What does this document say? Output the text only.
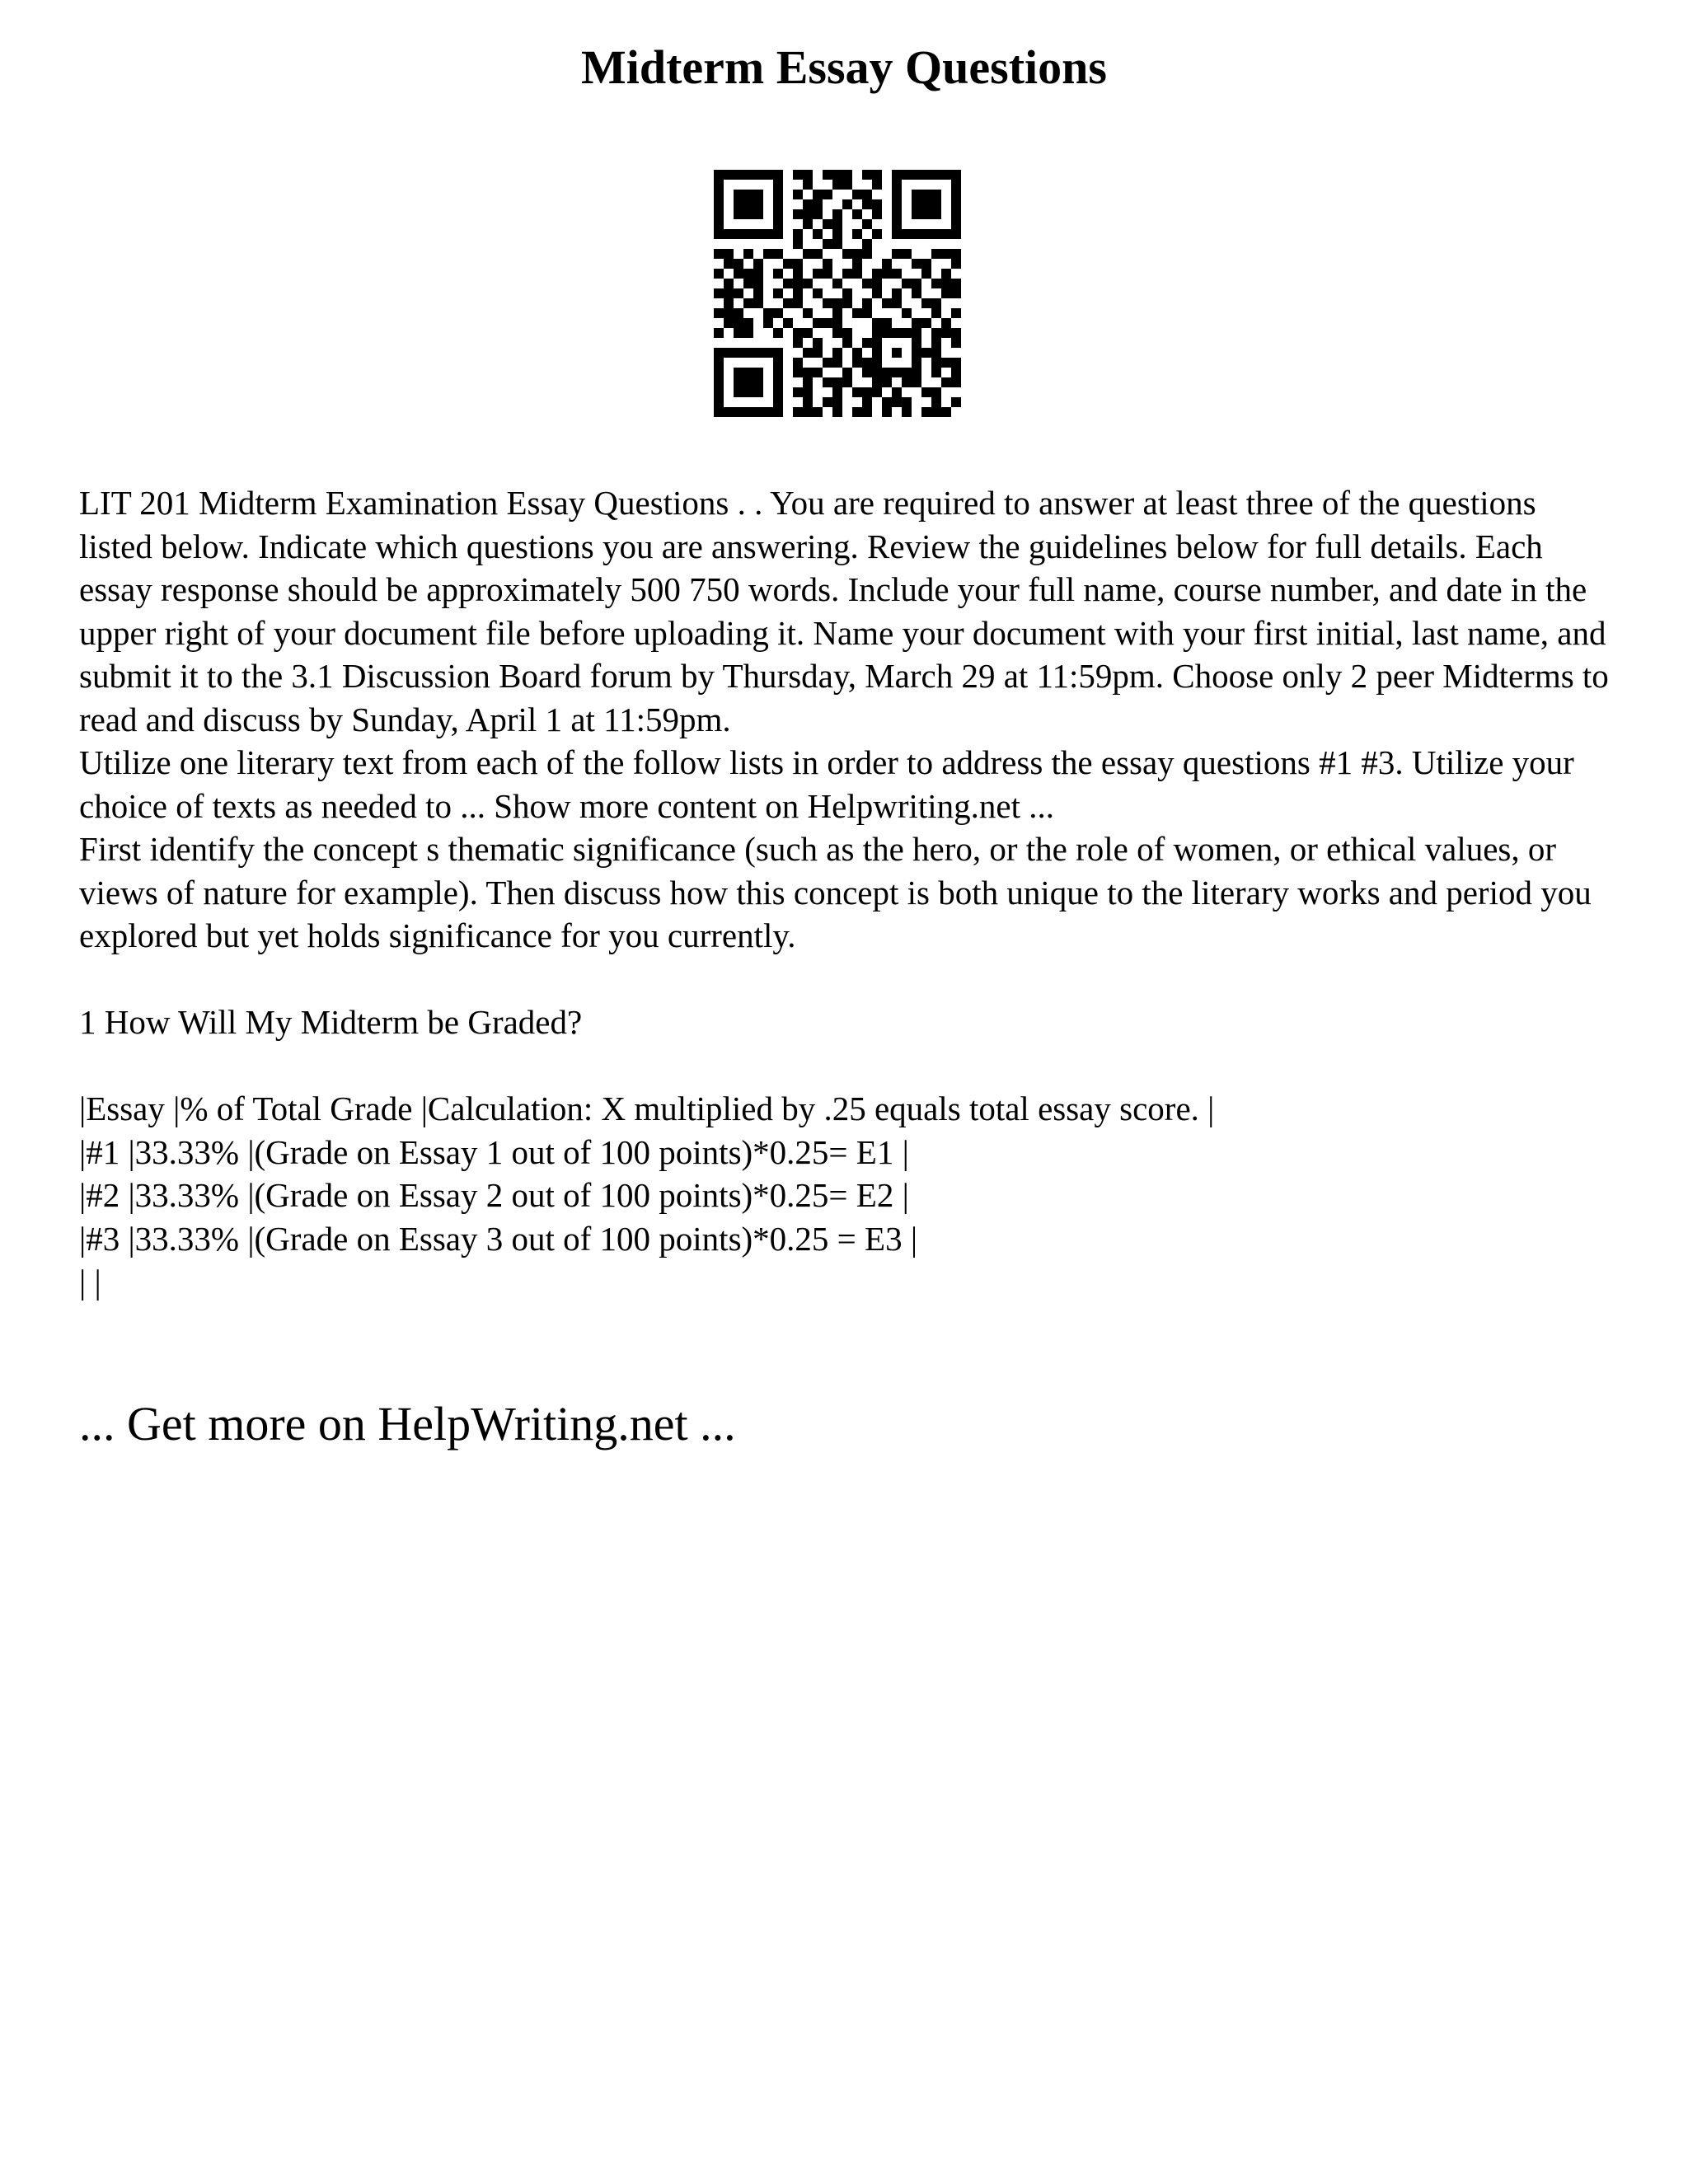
Midterm Essay Questions

LIT 201 Midterm Examination Essay Questions . . You are required to answer at least three of the questions listed below. Indicate which questions you are answering. Review the guidelines below for full details. Each essay response should be approximately 500 750 words. Include your full name, course number, and date in the upper right of your document file before uploading it. Name your document with your first initial, last name, and submit it to the 3.1 Discussion Board forum by Thursday, March 29 at 11:59pm. Choose only 2 peer Midterms to read and discuss by Sunday, April 1 at 11:59pm.

Utilize one literary text from each of the follow lists in order to address the essay questions #1 #3. Utilize your choice of texts as needed to ... Show more content on Helpwriting.net ...

First identify the concept s thematic significance (such as the hero, or the role of women, or ethical values, or views of nature for example). Then discuss how this concept is both unique to the literary works and period you explored but yet holds significance for you currently.

1 How Will My Midterm be Graded?

|Essay |% of Total Grade |Calculation: X multiplied by .25 equals total essay score. |

|#1 |33.33% |(Grade on Essay 1 out of 100 points)*0.25= E1 |

|#2 |33.33% |(Grade on Essay 2 out of 100 points)*0.25= E2 |

|#3 |33.33% |(Grade on Essay 3 out of 100 points)*0.25 = E3 |

| |

... Get more on HelpWriting.net ...
